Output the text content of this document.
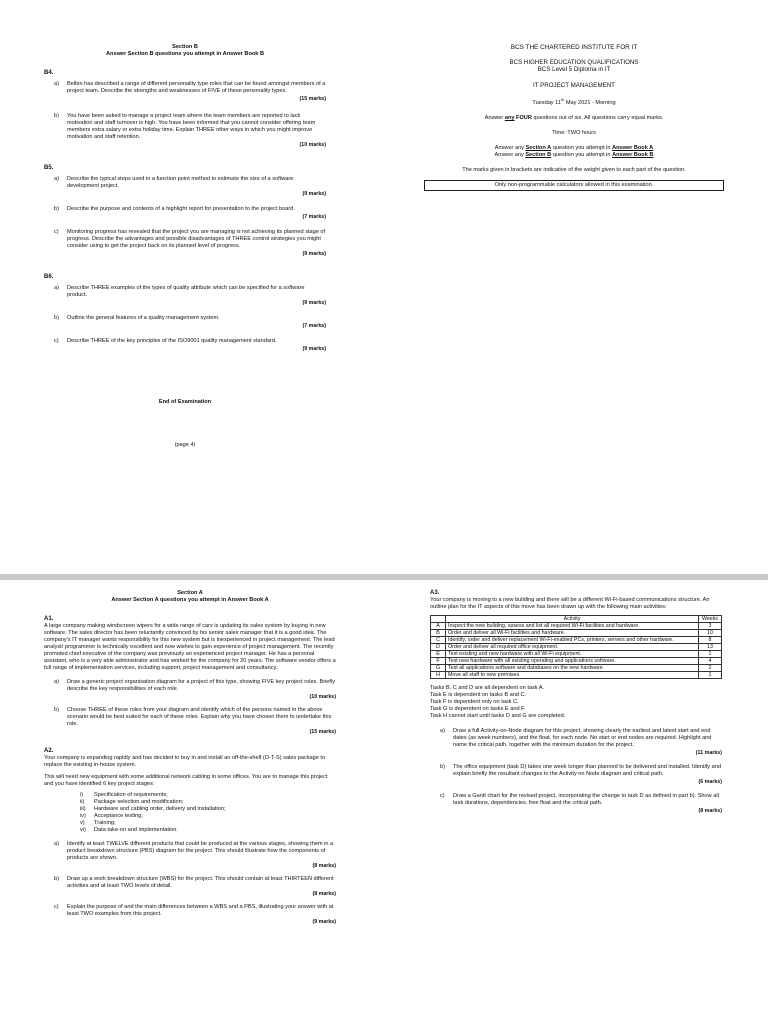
Section B
Answer Section B questions you attempt in Answer Book B
B4.
a)	Belbin has described a range of different personality type roles that can be found amongst members of a project team. Describe the strengths and weaknesses of FIVE of these personality types.
(15 marks)
b)	You have been asked to manage a project team where the team members are reported to lack motivation and staff turnover is high. You have been informed that you cannot consider offering team members extra salary or extra holiday time. Explain THREE other ways in which you might improve motivation and staff retention.
(10 marks)
B5.
a)	Describe the typical steps used in a function point method to estimate the size of a software development project.
(9 marks)
b)	Describe the purpose and contents of a highlight report for presentation to the project board.
(7 marks)
c)	Monitoring progress has revealed that the project you are managing is not achieving its planned stage of progress. Describe the advantages and possible disadvantages of THREE control strategies you might consider using to get the project back on its planned level of progress.
(9 marks)
B6.
a)	Describe THREE examples of the types of quality attribute which can be specified for a software product.
(9 marks)
b)	Outline the general features of a quality management system.
(7 marks)
c)	Describe THREE of the key principles of the ISO9001 quality management standard.
(9 marks)
End of Examination
(page 4)
BCS THE CHARTERED INSTITUTE FOR IT
BCS HIGHER EDUCATION QUALIFICATIONS
BCS Level 5 Diploma in IT
IT PROJECT MANAGEMENT
Tuesday 11th May 2021 - Morning
Answer any FOUR questions out of six. All questions carry equal marks.
Time: TWO hours
Answer any Section A question you attempt in Answer Book A
Answer any Section B question you attempt in Answer Book B
The marks given in brackets are indicative of the weight given to each part of the question.
Only non-programmable calculators allowed in this examination.
Section A
Answer Section A questions you attempt in Answer Book A
A1.
A large company making windscreen wipers for a wide range of cars is updating its sales system by buying in new software. The sales director has been reluctantly convinced by his senior sales manager that it is a good idea. The company's IT manager wants responsibility for this new system but is inexperienced in project management. The lead analyst/ programmer is technically excellent and now wishes to gain experience of project management. The recently promoted chief executive of the company was previously an experienced project manager. He has a personal assistant, who is a very able administrator and has worked for the company for 20 years. The software vendor offers a full range of implementation services, including support, project management and consultancy.
a)	Draw a generic project organisation diagram for a project of this type, showing FIVE key project roles. Briefly describe the key responsibilities of each role.
(10 marks)
b)	Choose THREE of these roles from your diagram and identify which of the persons named in the above scenario would be best suited for each of these roles. Explain why you have chosen them to undertake this role.
(15 marks)
A2.
Your company is expanding rapidly and has decided to buy in and install an off-the-shelf (O-T-S) sales package to replace the existing in-house system.
This will need new equipment with some additional network cabling in some offices. You are to manage this project and you have identified 6 key project stages:
i)	Specification of requirements;
ii)	Package selection and modification;
iii)	Hardware and cabling order, delivery and installation;
iv)	Acceptance testing;
v)	Training;
vi)	Data take-on and implementation.
a)	Identify at least TWELVE different products that could be produced at the various stages, showing them in a product breakdown structure (PBS) diagram for the project. This should illustrate how the components of products are shown.
(8 marks)
b)	Draw up a work breakdown structure (WBS) for the project. This should contain at least THIRTEEN different activities and at least TWO levels of detail.
(8 marks)
c)	Explain the purpose of and the main differences between a WBS and a PBS, illustrating your answer with at least TWO examples from this project.
(9 marks)
A3.
Your company is moving to a new building and there will be a different Wi-Fi-based communications structure. An outline plan for the IT aspects of this move has been drawn up with the following main activities:
	Activity	Weeks
A	Inspect the new building, assess and list all required Wi-Fi facilities and hardware.	3
B	Order and deliver all Wi-Fi facilities and hardware.	10
C	Identify, order and deliver replacement Wi-Fi-enabled PCs, printers, servers and other hardware.	8
D	Order and deliver all required office equipment.	13
E	Test existing and new hardware with all Wi-Fi equipment.	1
F	Test new hardware with all existing operating and applications software.	4
G	Test all applications software and databases on the new hardware.	2
H	Move all staff to new premises.	1
Tasks B, C and D are all dependent on task A.
Task E is dependent on tasks B and C.
Task F is dependent only on task C.
Task G is dependent on tasks E and F.
Task H cannot start until tasks D and G are completed.
a)	Draw a full Activity-on-Node diagram for this project, showing clearly the earliest and latest start and end dates (as week numbers), and the float, for each node. No start or end nodes are required. Highlight and name the critical path, together with the minimum duration for the project.
(11 marks)
b)	The office equipment (task D) takes one week longer than planned to be delivered and installed. Identify and explain briefly the resultant changes to the Activity on Node diagram and critical path.
(6 marks)
c)	Draw a Gantt chart for the revised project, incorporating the change to task D as defined in part b). Show all task durations, dependencies, free float and the critical path.
(8 marks)
